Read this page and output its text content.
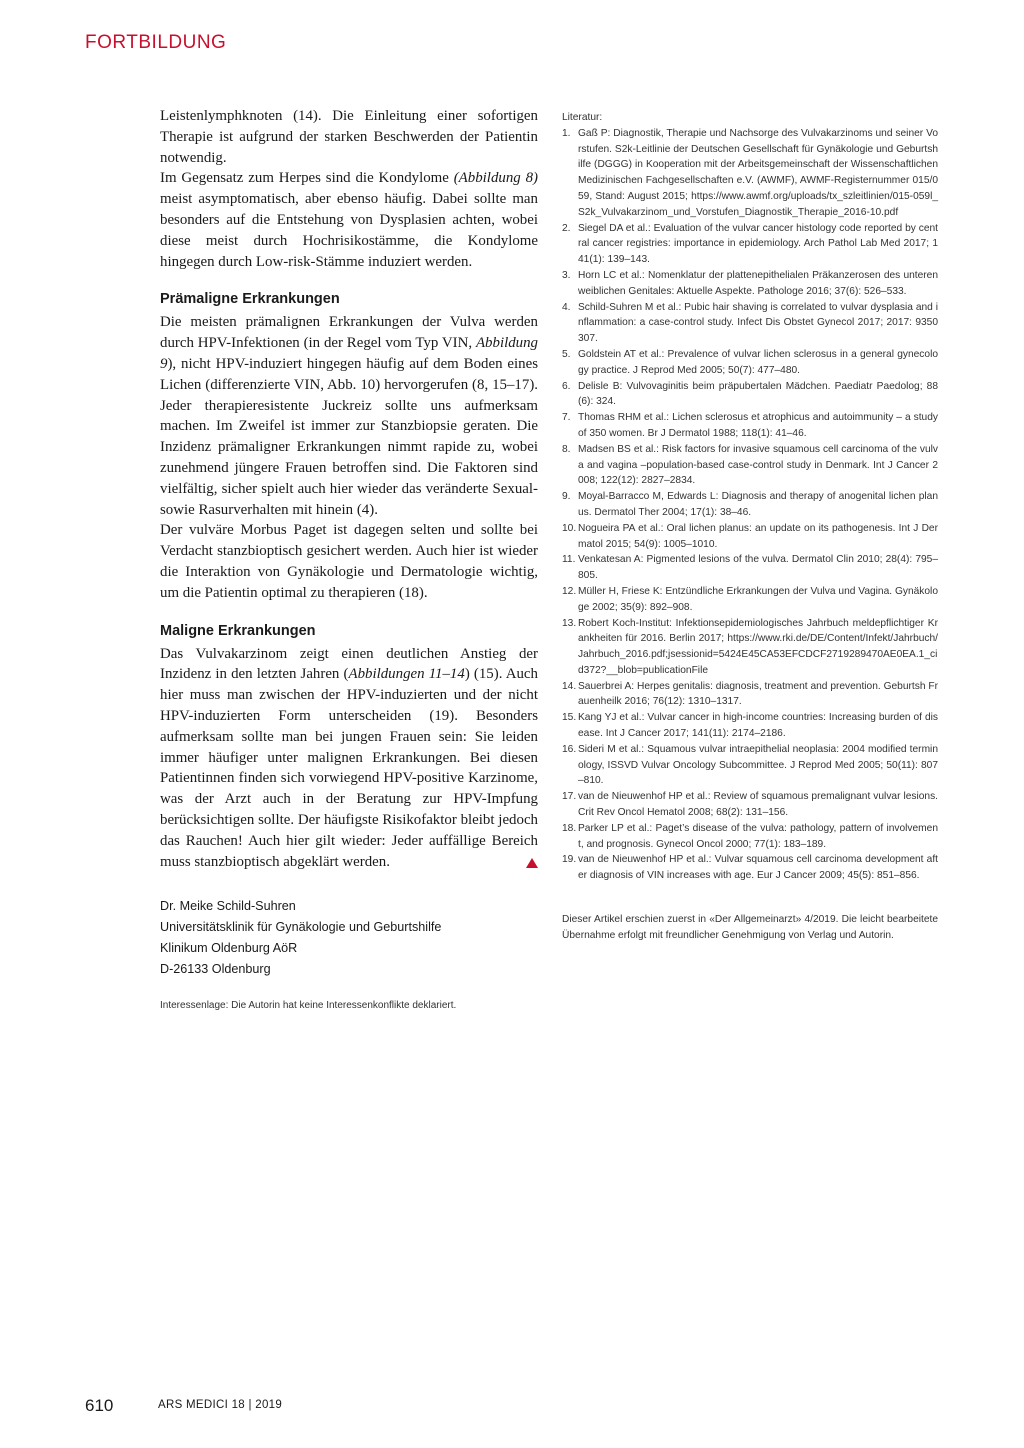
FORTBILDUNG

Leistenlymphknoten (14). Die Einleitung einer sofortigen Therapie ist aufgrund der starken Beschwerden der Patientin notwendig.

Im Gegensatz zum Herpes sind die Kondylome (Abbildung 8) meist asymptomatisch, aber ebenso häufig. Dabei sollte man besonders auf die Entstehung von Dysplasien achten, wobei diese meist durch Hochrisikostämme, die Kondylome hingegen durch Low-risk-Stämme induziert werden.

Prämaligne Erkrankungen

Die meisten prämalignen Erkrankungen der Vulva werden durch HPV-Infektionen (in der Regel vom Typ VIN, Abbildung 9), nicht HPV-induziert hingegen häufig auf dem Boden eines Lichen (differenzierte VIN, Abb. 10) hervorgerufen (8, 15–17). Jeder therapieresistente Juckreiz sollte uns aufmerksam machen. Im Zweifel ist immer zur Stanzbiopsie geraten. Die Inzidenz prämaligner Erkrankungen nimmt rapide zu, wobei zunehmend jüngere Frauen betroffen sind. Die Faktoren sind vielfältig, sicher spielt auch hier wieder das veränderte Sexual- sowie Rasurverhalten mit hinein (4).

Der vulväre Morbus Paget ist dagegen selten und sollte bei Verdacht stanzbioptisch gesichert werden. Auch hier ist wieder die Interaktion von Gynäkologie und Dermatologie wichtig, um die Patientin optimal zu therapieren (18).

Maligne Erkrankungen

Das Vulvakarzinom zeigt einen deutlichen Anstieg der Inzidenz in den letzten Jahren (Abbildungen 11–14) (15). Auch hier muss man zwischen der HPV-induzierten und der nicht HPV-induzierten Form unterscheiden (19). Besonders aufmerksam sollte man bei jungen Frauen sein: Sie leiden immer häufiger unter malignen Erkrankungen. Bei diesen Patientinnen finden sich vorwiegend HPV-positive Karzinome, was der Arzt auch in der Beratung zur HPV-Impfung berücksichtigen sollte. Der häufigste Risikofaktor bleibt jedoch das Rauchen! Auch hier gilt wieder: Jeder auffällige Bereich muss stanzbioptisch abgeklärt werden.

Dr. Meike Schild-Suhren
Universitätsklinik für Gynäkologie und Geburtshilfe
Klinikum Oldenburg AöR
D-26133 Oldenburg
Interessenlage: Die Autorin hat keine Interessenkonflikte deklariert.

Literatur:

1. Gaß P: Diagnostik, Therapie und Nachsorge des Vulvakarzinoms und seiner Vorstufen. S2k-Leitlinie der Deutschen Gesellschaft für Gynäkologie und Geburtshilfe (DGGG) in Kooperation mit der Arbeitsgemeinschaft der Wissenschaftlichen Medizinischen Fachgesellschaften e.V. (AWMF), AWMF-Registernummer 015/059, Stand: August 2015; https://www.awmf.org/uploads/tx_szleitlinien/015-059l_S2k_Vulvakarzinom_und_Vorstufen_Diagnostik_Therapie_2016-10.pdf
2. Siegel DA et al.: Evaluation of the vulvar cancer histology code reported by central cancer registries: importance in epidemiology. Arch Pathol Lab Med 2017; 141(1): 139–143.
3. Horn LC et al.: Nomenklatur der plattenepithelialen Präkanzerosen des unteren weiblichen Genitales: Aktuelle Aspekte. Pathologe 2016; 37(6): 526–533.
4. Schild-Suhren M et al.: Pubic hair shaving is correlated to vulvar dysplasia and inflammation: a case-control study. Infect Dis Obstet Gynecol 2017; 2017: 9350307.
5. Goldstein AT et al.: Prevalence of vulvar lichen sclerosus in a general gynecology practice. J Reprod Med 2005; 50(7): 477–480.
6. Delisle B: Vulvovaginitis beim präpubertalen Mädchen. Paediatr Paedolog; 88(6): 324.
7. Thomas RHM et al.: Lichen sclerosus et atrophicus and autoimmunity – a study of 350 women. Br J Dermatol 1988; 118(1): 41–46.
8. Madsen BS et al.: Risk factors for invasive squamous cell carcinoma of the vulva and vagina –population-based case-control study in Denmark. Int J Cancer 2008; 122(12): 2827–2834.
9. Moyal-Barracco M, Edwards L: Diagnosis and therapy of anogenital lichen planus. Dermatol Ther 2004; 17(1): 38–46.
10. Nogueira PA et al.: Oral lichen planus: an update on its pathogenesis. Int J Dermatol 2015; 54(9): 1005–1010.
11. Venkatesan A: Pigmented lesions of the vulva. Dermatol Clin 2010; 28(4): 795–805.
12. Müller H, Friese K: Entzündliche Erkrankungen der Vulva und Vagina. Gynäkologe 2002; 35(9): 892–908.
13. Robert Koch-Institut: Infektionsepidemiologisches Jahrbuch meldepflichtiger Krankheiten für 2016. Berlin 2017; https://www.rki.de/DE/Content/Infekt/Jahrbuch/Jahrbuch_2016.pdf;jsessionid=5424E45CA53EFCDCF2719289470AE0EA.1_cid372?__blob=publicationFile
14. Sauerbrei A: Herpes genitalis: diagnosis, treatment and prevention. Geburtsh Frauenheilk 2016; 76(12): 1310–1317.
15. Kang YJ et al.: Vulvar cancer in high-income countries: Increasing burden of disease. Int J Cancer 2017; 141(11): 2174–2186.
16. Sideri M et al.: Squamous vulvar intraepithelial neoplasia: 2004 modified terminology, ISSVD Vulvar Oncology Subcommittee. J Reprod Med 2005; 50(11): 807–810.
17. van de Nieuwenhof HP et al.: Review of squamous premalignant vulvar lesions. Crit Rev Oncol Hematol 2008; 68(2): 131–156.
18. Parker LP et al.: Paget’s disease of the vulva: pathology, pattern of involvement, and prognosis. Gynecol Oncol 2000; 77(1): 183–189.
19. van de Nieuwenhof HP et al.: Vulvar squamous cell carcinoma development after diagnosis of VIN increases with age. Eur J Cancer 2009; 45(5): 851–856.
Dieser Artikel erschien zuerst in «Der Allgemeinarzt» 4/2019. Die leicht bearbeitete Übernahme erfolgt mit freundlicher Genehmigung von Verlag und Autorin.
610	ARS MEDICI 18 | 2019
